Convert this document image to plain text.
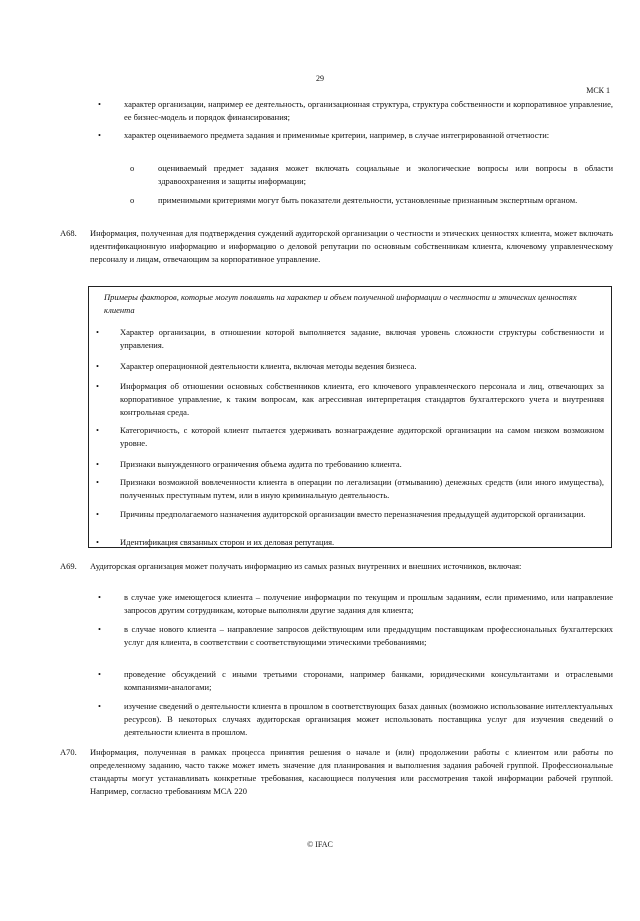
29
МСК 1
•	характер организации, например ее деятельность, организационная структура, структура собственности и корпоративное управление, ее бизнес-модель и порядок финансирования;
•	характер оцениваемого предмета задания и применимые критерии, например, в случае интегрированной отчетности:
o	оцениваемый предмет задания может включать социальные и экологические вопросы или вопросы в области здравоохранения и защиты информации;
o	применимыми критериями могут быть показатели деятельности, установленные признанным экспертным органом.
A68. Информация, полученная для подтверждения суждений аудиторской организации о честности и этических ценностях клиента, может включать идентификационную информацию и информацию о деловой репутации по основным собственникам клиента, ключевому управленческому персоналу и лицам, отвечающим за корпоративное управление.
Примеры факторов, которые могут повлиять на характер и объем полученной информации о честности и этических ценностях клиента
• Характер организации, в отношении которой выполняется задание, включая уровень сложности структуры собственности и управления.
• Характер операционной деятельности клиента, включая методы ведения бизнеса.
• Информация об отношении основных собственников клиента, его ключевого управленческого персонала и лиц, отвечающих за корпоративное управление, к таким вопросам, как агрессивная интерпретация стандартов бухгалтерского учета и внутренняя контрольная среда.
• Категоричность, с которой клиент пытается удерживать вознаграждение аудиторской организации на самом низком возможном уровне.
• Признаки вынужденного ограничения объема аудита по требованию клиента.
• Признаки возможной вовлеченности клиента в операции по легализации (отмыванию) денежных средств (или иного имущества), полученных преступным путем, или в иную криминальную деятельность.
• Причины предполагаемого назначения аудиторской организации вместо переназначения предыдущей аудиторской организации.
• Идентификация связанных сторон и их деловая репутация.
A69. Аудиторская организация может получать информацию из самых разных внутренних и внешних источников, включая:
•	в случае уже имеющегося клиента – получение информации по текущим и прошлым заданиям, если применимо, или направление запросов другим сотрудникам, которые выполняли другие задания для клиента;
•	в случае нового клиента – направление запросов действующим или предыдущим поставщикам профессиональных бухгалтерских услуг для клиента, в соответствии с соответствующими этическими требованиями;
•	проведение обсуждений с иными третьими сторонами, например банками, юридическими консультантами и отраслевыми компаниями-аналогами;
•	изучение сведений о деятельности клиента в прошлом в соответствующих базах данных (возможно использование интеллектуальных ресурсов). В некоторых случаях аудиторская организация может использовать поставщика услуг для изучения сведений о деятельности клиента в прошлом.
A70. Информация, полученная в рамках процесса принятия решения о начале и (или) продолжении работы с клиентом или работы по определенному заданию, часто также может иметь значение для планирования и выполнения задания рабочей группой. Профессиональные стандарты могут устанавливать конкретные требования, касающиеся получения или рассмотрения такой информации рабочей группой. Например, согласно требованиям МСА 220
© IFAC
